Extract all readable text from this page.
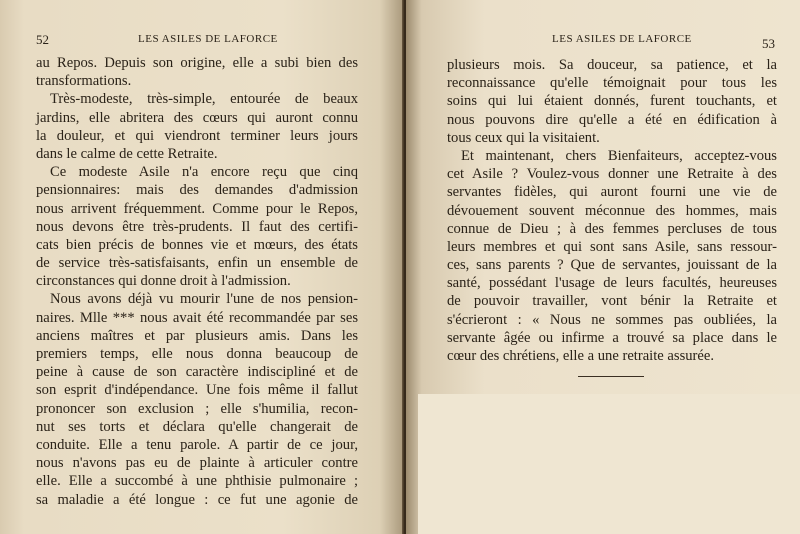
52	LES ASILES DE LAFORCE
au Repos. Depuis son origine, elle a subi bien des
transformations.
Très-modeste, très-simple, entourée de beaux
jardins, elle abritera des cœurs qui auront connu
la douleur, et qui viendront terminer leurs jours
dans le calme de cette Retraite.
Ce modeste Asile n'a encore reçu que cinq
pensionnaires: mais des demandes d'admission
nous arrivent fréquemment. Comme pour le Repos,
nous devons être très-prudents. Il faut des certifi-
cats bien précis de bonnes vie et mœurs, des états
de service très-satisfaisants, enfin un ensemble de
circonstances qui donne droit à l'admission.
Nous avons déjà vu mourir l'une de nos pension-
naires. Mlle *** nous avait été recommandée par ses
anciens maîtres et par plusieurs amis. Dans les
premiers temps, elle nous donna beaucoup de
peine à cause de son caractère indiscipliné et de
son esprit d'indépendance. Une fois même il fallut
prononcer son exclusion ; elle s'humilia, recon-
nut ses torts et déclara qu'elle changerait de
conduite. Elle a tenu parole. A partir de ce jour,
nous n'avons pas eu de plainte à articuler contre
elle. Elle a succombé à une phthisie pulmonaire ;
sa maladie a été longue : ce fut une agonie de
LES ASILES DE LAFORCE	53
plusieurs mois. Sa douceur, sa patience, et la
reconnaissance qu'elle témoignait pour tous les
soins qui lui étaient donnés, furent touchants, et
nous pouvons dire qu'elle a été en édification à
tous ceux qui la visitaient.
Et maintenant, chers Bienfaiteurs, acceptez-vous
cet Asile ? Voulez-vous donner une Retraite à des
servantes fidèles, qui auront fourni une vie de
dévouement souvent méconnue des hommes, mais
connue de Dieu ; à des femmes percluses de tous
leurs membres et qui sont sans Asile, sans ressour-
ces, sans parents ? Que de servantes, jouissant de la
santé, possédant l'usage de leurs facultés, heureuses
de pouvoir travailler, vont bénir la Retraite et
s'écrieront : « Nous ne sommes pas oubliées, la
servante âgée ou infirme a trouvé sa place dans le
cœur des chrétiens, elle a une retraite assurée.
